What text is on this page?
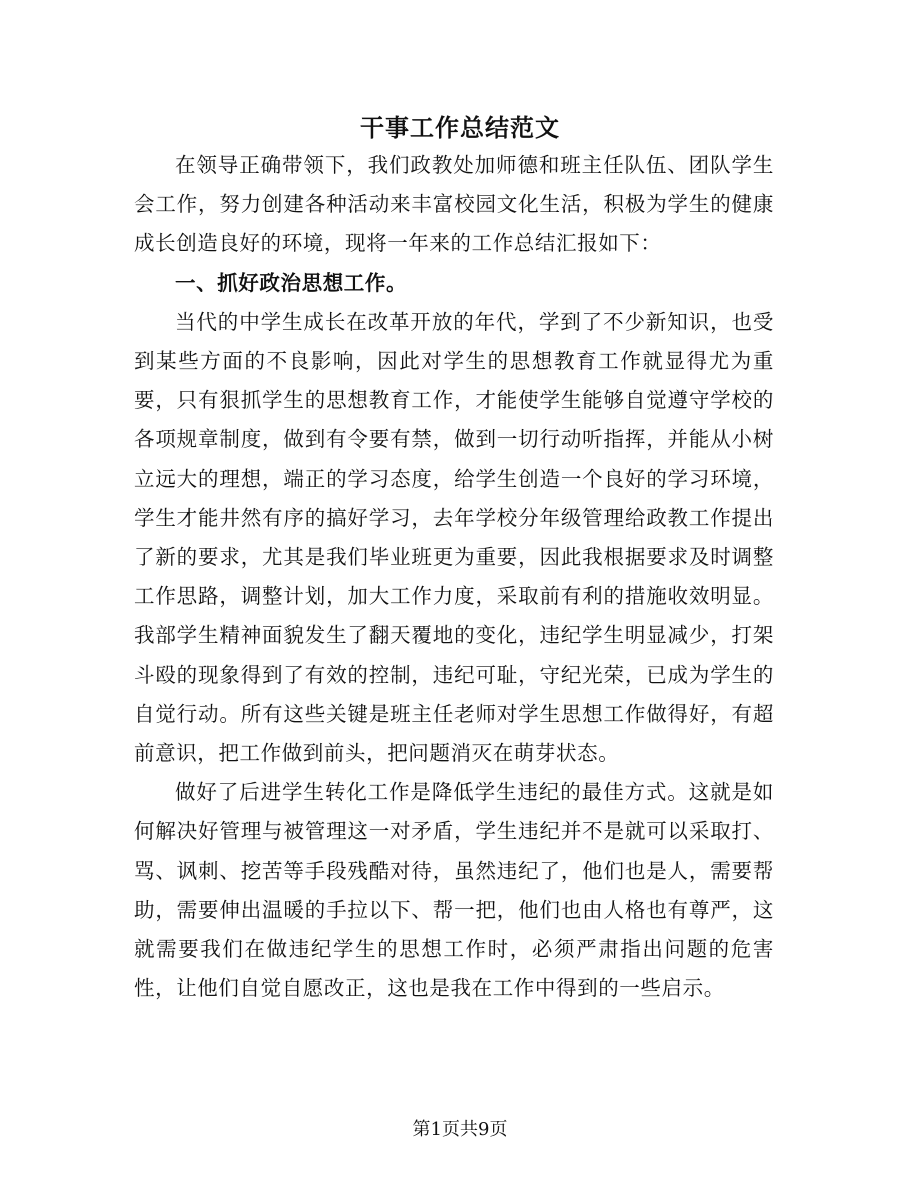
干事工作总结范文

在领导正确带领下，我们政教处加师德和班主任队伍、团队学生会工作，努力创建各种活动来丰富校园文化生活，积极为学生的健康成长创造良好的环境，现将一年来的工作总结汇报如下：

一、抓好政治思想工作。

当代的中学生成长在改革开放的年代，学到了不少新知识，也受到某些方面的不良影响，因此对学生的思想教育工作就显得尤为重要，只有狠抓学生的思想教育工作，才能使学生能够自觉遵守学校的各项规章制度，做到有令要有禁，做到一切行动听指挥，并能从小树立远大的理想，端正的学习态度，给学生创造一个良好的学习环境，学生才能井然有序的搞好学习，去年学校分年级管理给政教工作提出了新的要求，尤其是我们毕业班更为重要，因此我根据要求及时调整工作思路，调整计划，加大工作力度，采取前有利的措施收效明显。我部学生精神面貌发生了翻天覆地的变化，违纪学生明显减少，打架斗殴的现象得到了有效的控制，违纪可耻，守纪光荣，已成为学生的自觉行动。所有这些关键是班主任老师对学生思想工作做得好，有超前意识，把工作做到前头，把问题消灭在萌芽状态。

做好了后进学生转化工作是降低学生违纪的最佳方式。这就是如何解决好管理与被管理这一对矛盾，学生违纪并不是就可以采取打、骂、讽刺、挖苦等手段残酷对待，虽然违纪了，他们也是人，需要帮助，需要伸出温暖的手拉以下、帮一把，他们也由人格也有尊严，这就需要我们在做违纪学生的思想工作时，必须严肃指出问题的危害性，让他们自觉自愿改正，这也是我在工作中得到的一些启示。

第1页共9页
